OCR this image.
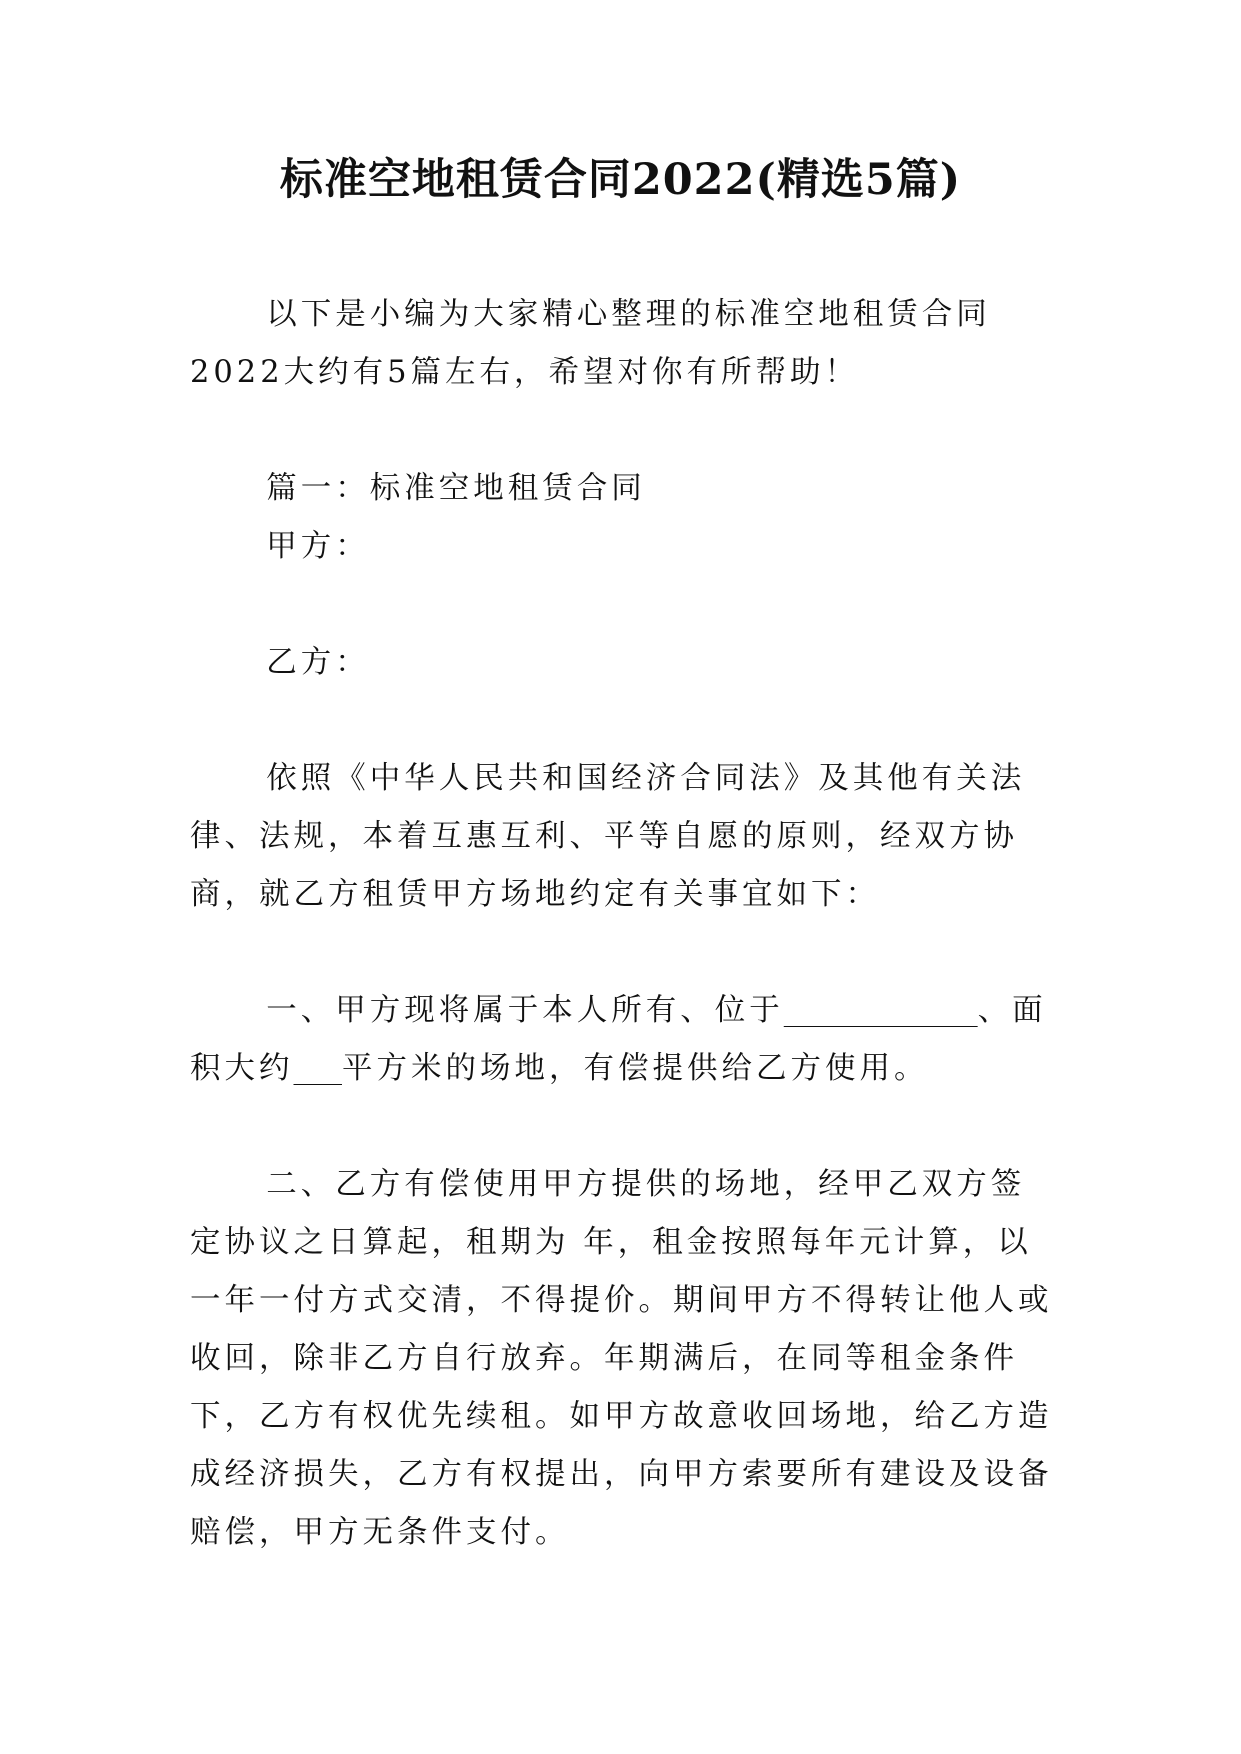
标准空地租赁合同2022(精选5篇)

以下是小编为大家精心整理的标准空地租赁合同2022大约有5篇左右，希望对你有所帮助！

篇一：标准空地租赁合同

甲方：

乙方：

依照《中华人民共和国经济合同法》及其他有关法律、法规，本着互惠互利、平等自愿的原则，经双方协商，就乙方租赁甲方场地约定有关事宜如下：

一、甲方现将属于本人所有、位于	、面积大约 平方米的场地，有偿提供给乙方使用。

二、乙方有偿使用甲方提供的场地，经甲乙双方签定协议之日算起，租期为 年，租金按照每年元计算，以一年一付方式交清，不得提价。期间甲方不得转让他人或收回，除非乙方自行放弃。年期满后，在同等租金条件下，乙方有权优先续租。如甲方故意收回场地，给乙方造成经济损失，乙方有权提出，向甲方索要所有建设及设备赔偿，甲方无条件支付。
